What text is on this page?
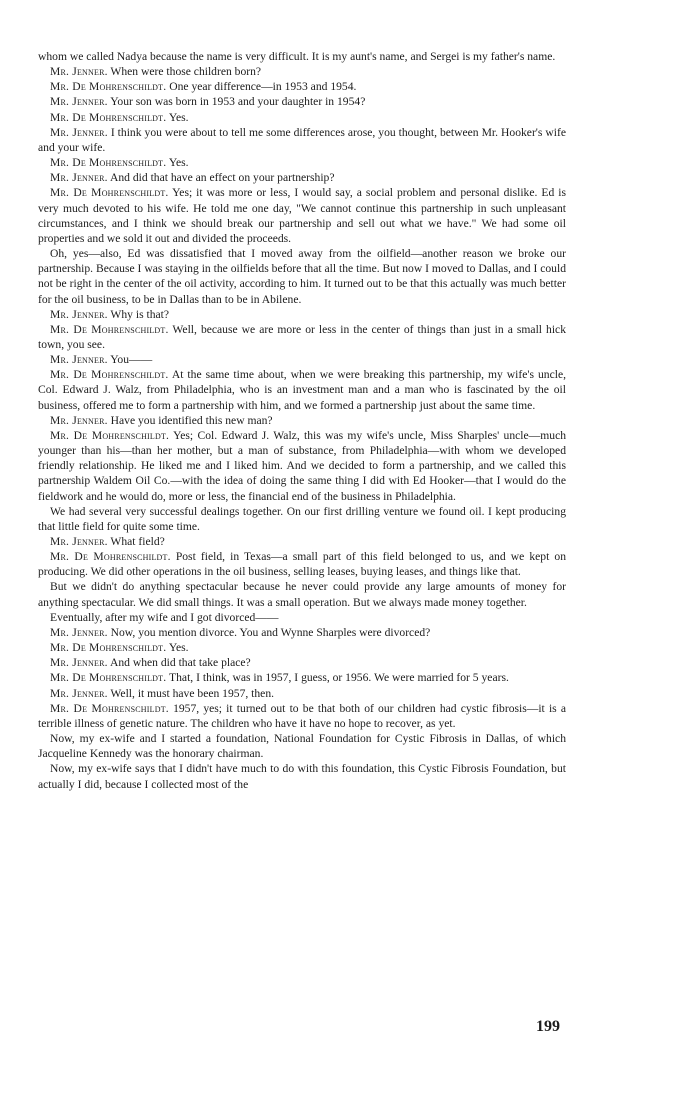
whom we called Nadya because the name is very difficult. It is my aunt's name, and Sergei is my father's name.

Mr. Jenner. When were those children born?

Mr. De Mohrenschildt. One year difference—in 1953 and 1954.

Mr. Jenner. Your son was born in 1953 and your daughter in 1954?

Mr. De Mohrenschildt. Yes.

Mr. Jenner. I think you were about to tell me some differences arose, you thought, between Mr. Hooker's wife and your wife.

Mr. De Mohrenschildt. Yes.

Mr. Jenner. And did that have an effect on your partnership?

Mr. De Mohrenschildt. Yes; it was more or less, I would say, a social problem and personal dislike. Ed is very much devoted to his wife. He told me one day, "We cannot continue this partnership in such unpleasant circumstances, and I think we should break our partnership and sell out what we have." We had some oil properties and we sold it out and divided the proceeds.

Oh, yes—also, Ed was dissatisfied that I moved away from the oilfield—another reason we broke our partnership. Because I was staying in the oilfields before that all the time. But now I moved to Dallas, and I could not be right in the center of the oil activity, according to him. It turned out to be that this actually was much better for the oil business, to be in Dallas than to be in Abilene.

Mr. Jenner. Why is that?

Mr. De Mohrenschildt. Well, because we are more or less in the center of things than just in a small hick town, you see.

Mr. Jenner. You——

Mr. De Mohrenschildt. At the same time about, when we were breaking this partnership, my wife's uncle, Col. Edward J. Walz, from Philadelphia, who is an investment man and a man who is fascinated by the oil business, offered me to form a partnership with him, and we formed a partnership just about the same time.

Mr. Jenner. Have you identified this new man?

Mr. De Mohrenschildt. Yes; Col. Edward J. Walz, this was my wife's uncle, Miss Sharples' uncle—much younger than his—than her mother, but a man of substance, from Philadelphia—with whom we developed friendly relationship. He liked me and I liked him. And we decided to form a partnership, and we called this partnership Waldem Oil Co.—with the idea of doing the same thing I did with Ed Hooker—that I would do the fieldwork and he would do, more or less, the financial end of the business in Philadelphia.

We had several very successful dealings together. On our first drilling venture we found oil. I kept producing that little field for quite some time.

Mr. Jenner. What field?

Mr. De Mohrenschildt. Post field, in Texas—a small part of this field belonged to us, and we kept on producing. We did other operations in the oil business, selling leases, buying leases, and things like that.

But we didn't do anything spectacular because he never could provide any large amounts of money for anything spectacular. We did small things. It was a small operation. But we always made money together.

Eventually, after my wife and I got divorced——

Mr. Jenner. Now, you mention divorce. You and Wynne Sharples were divorced?

Mr. De Mohrenschildt. Yes.

Mr. Jenner. And when did that take place?

Mr. De Mohrenschildt. That, I think, was in 1957, I guess, or 1956. We were married for 5 years.

Mr. Jenner. Well, it must have been 1957, then.

Mr. De Mohrenschildt. 1957, yes; it turned out to be that both of our children had cystic fibrosis—it is a terrible illness of genetic nature. The children who have it have no hope to recover, as yet.

Now, my ex-wife and I started a foundation, National Foundation for Cystic Fibrosis in Dallas, of which Jacqueline Kennedy was the honorary chairman.

Now, my ex-wife says that I didn't have much to do with this foundation, this Cystic Fibrosis Foundation, but actually I did, because I collected most of the

199
